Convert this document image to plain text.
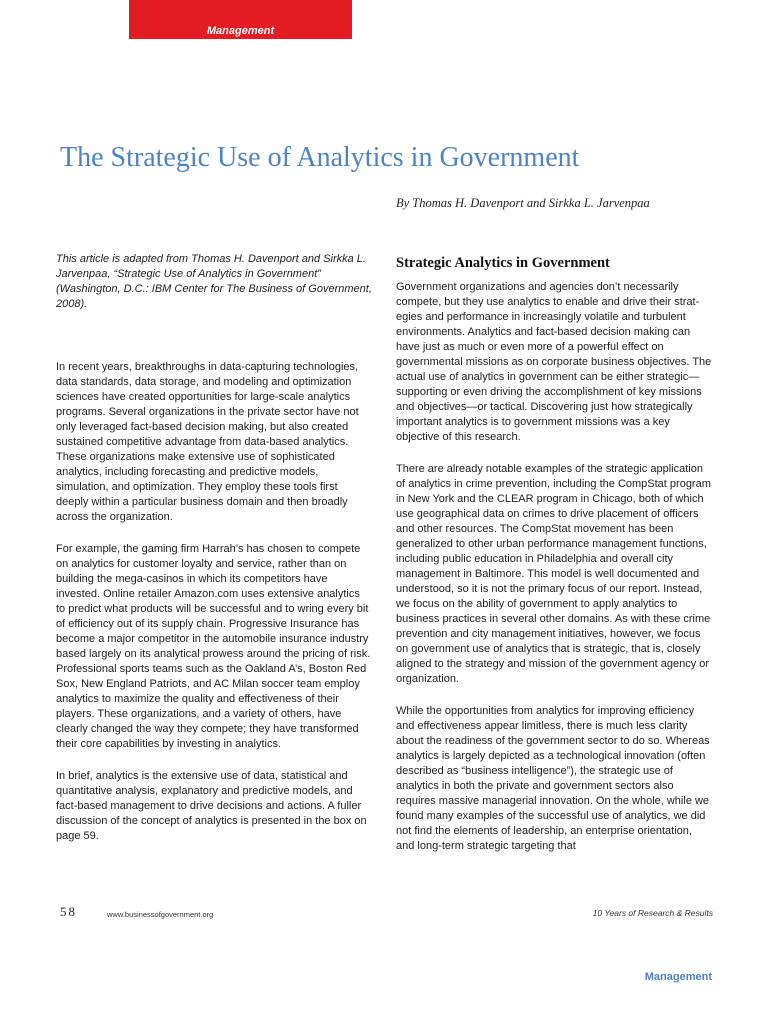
Management
The Strategic Use of Analytics in Government
By Thomas H. Davenport and Sirkka L. Jarvenpaa

This article is adapted from Thomas H. Davenport and Sirkka L. Jarvenpaa, “Strategic Use of Analytics in Government” (Washington, D.C.: IBM Center for The Business of Government, 2008).

In recent years, breakthroughs in data-capturing technologies, data standards, data storage, and modeling and optimization sciences have created opportunities for large-scale analytics programs. Several organizations in the private sector have not only leveraged fact-based decision making, but also created sustained competitive advantage from data-based analytics. These organizations make extensive use of sophisticated analytics, including forecasting and predictive models, simulation, and optimization. They employ these tools first deeply within a particular business domain and then broadly across the organization.

For example, the gaming firm Harrah’s has chosen to compete on analytics for customer loyalty and service, rather than on building the mega-casinos in which its competitors have invested. Online retailer Amazon.com uses extensive analytics to predict what products will be successful and to wring every bit of efficiency out of its supply chain. Progressive Insurance has become a major competitor in the automobile insurance industry based largely on its analytical prowess around the pricing of risk. Professional sports teams such as the Oakland A’s, Boston Red Sox, New England Patriots, and AC Milan soccer team employ analytics to maximize the quality and effectiveness of their players. These organizations, and a variety of others, have clearly changed the way they compete; they have transformed their core capabilities by investing in analytics.

In brief, analytics is the extensive use of data, statistical and quantitative analysis, explanatory and predictive models, and fact-based management to drive decisions and actions. A fuller discussion of the concept of analytics is presented in the box on page 59.

Strategic Analytics in Government

Government organizations and agencies don’t necessarily compete, but they use analytics to enable and drive their strategies and performance in increasingly volatile and turbulent environments. Analytics and fact-based decision making can have just as much or even more of a powerful effect on governmental missions as on corporate business objectives. The actual use of analytics in government can be either strategic—supporting or even driving the accomplishment of key missions and objectives—or tactical. Discovering just how strategically important analytics is to government missions was a key objective of this research.

There are already notable examples of the strategic application of analytics in crime prevention, including the CompStat program in New York and the CLEAR program in Chicago, both of which use geographical data on crimes to drive placement of officers and other resources. The CompStat movement has been generalized to other urban performance management functions, including public education in Philadelphia and overall city management in Baltimore. This model is well documented and understood, so it is not the primary focus of our report. Instead, we focus on the ability of government to apply analytics to business practices in several other domains. As with these crime prevention and city management initiatives, however, we focus on government use of analytics that is strategic, that is, closely aligned to the strategy and mission of the government agency or organization.

While the opportunities from analytics for improving efficiency and effectiveness appear limitless, there is much less clarity about the readiness of the government sector to do so. Whereas analytics is largely depicted as a technological innovation (often described as “business intelligence”), the strategic use of analytics in both the private and government sectors also requires massive managerial innovation. On the whole, while we found many examples of the successful use of analytics, we did not find the elements of leadership, an enterprise orientation, and long-term strategic targeting that

58	www.businessofgovernment.org	10 Years of Research & Results
Management
